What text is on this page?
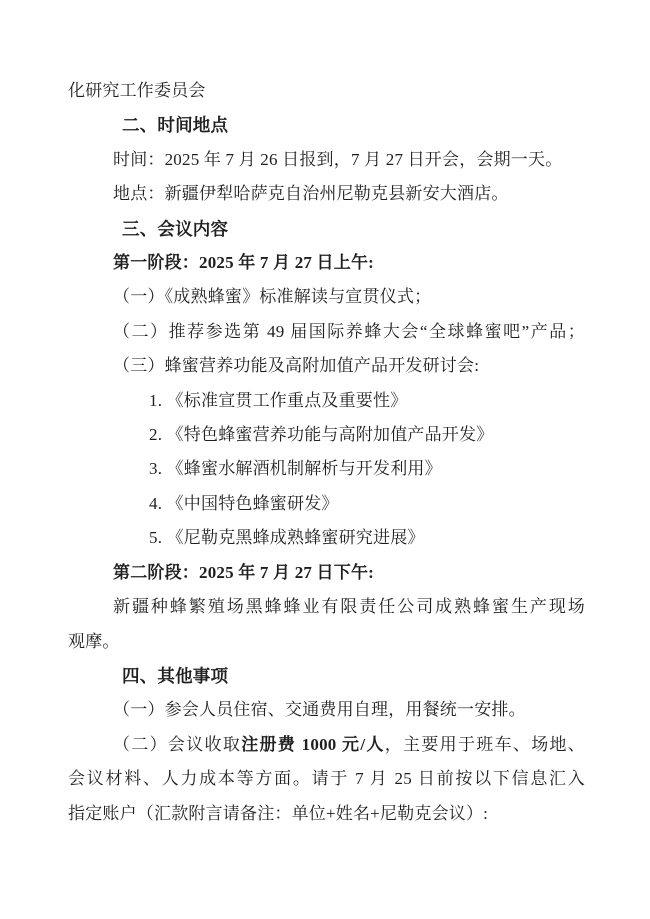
化研究工作委员会

二、时间地点

时间：2025 年 7 月 26 日报到，7 月 27 日开会，会期一天。

地点：新疆伊犁哈萨克自治州尼勒克县新安大酒店。

三、会议内容

第一阶段：2025 年 7 月 27 日上午:

（一）《成熟蜂蜜》标准解读与宣贯仪式；

（二）推荐参选第 49 届国际养蜂大会“全球蜂蜜吧”产品；

（三）蜂蜜营养功能及高附加值产品开发研讨会:

1. 《标准宣贯工作重点及重要性》

2. 《特色蜂蜜营养功能与高附加值产品开发》

3. 《蜂蜜水解酒机制解析与开发利用》

4. 《中国特色蜂蜜研发》

5. 《尼勒克黑蜂成熟蜂蜜研究进展》

第二阶段：2025 年 7 月 27 日下午:

新疆种蜂繁殖场黑蜂蜂业有限责任公司成熟蜂蜜生产现场

观摩。

四、其他事项

（一）参会人员住宿、交通费用自理，用餐统一安排。

（二）会议收取注册费 1000 元/人，主要用于班车、场地、

会议材料、人力成本等方面。请于 7 月 25 日前按以下信息汇入

指定账户（汇款附言请备注：单位+姓名+尼勒克会议）:
